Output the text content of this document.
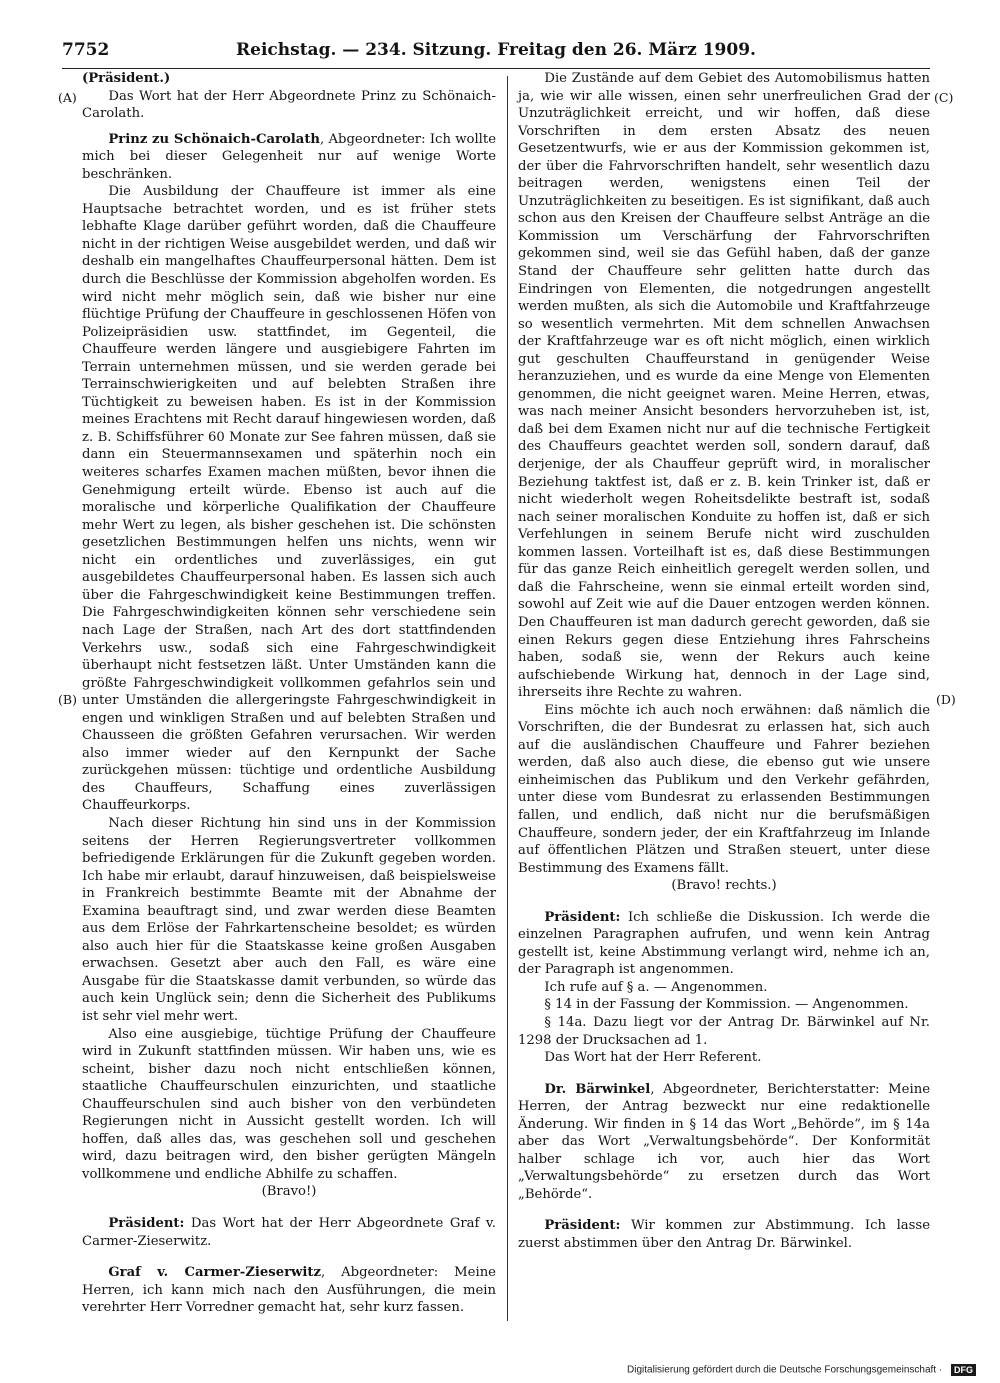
7752	Reichstag. — 234. Sitzung. Freitag den 26. März 1909.
(A)
(B)
(C)
(D)

(Präsident.)

Das Wort hat der Herr Abgeordnete Prinz zu Schönaich-Carolath.

Prinz zu Schönaich-Carolath, Abgeordneter: Ich wollte mich bei dieser Gelegenheit nur auf wenige Worte beschränken.

Die Ausbildung der Chauffeure ist immer als eine Hauptsache betrachtet worden, und es ist früher stets lebhafte Klage darüber geführt worden, daß die Chauffeure nicht in der richtigen Weise ausgebildet werden, und daß wir deshalb ein mangelhaftes Chauffeurpersonal hätten. Dem ist durch die Beschlüsse der Kommission abgeholfen worden. Es wird nicht mehr möglich sein, daß wie bisher nur eine flüchtige Prüfung der Chauffeure in geschlossenen Höfen von Polizeipräsidien usw. stattfindet, im Gegenteil, die Chauffeure werden längere und ausgiebigere Fahrten im Terrain unternehmen müssen, und sie werden gerade bei Terrainschwierigkeiten und auf belebten Straßen ihre Tüchtigkeit zu beweisen haben. Es ist in der Kommission meines Erachtens mit Recht darauf hingewiesen worden, daß z. B. Schiffsführer 60 Monate zur See fahren müssen, daß sie dann ein Steuermannsexamen und späterhin noch ein weiteres scharfes Examen machen müßten, bevor ihnen die Genehmigung erteilt würde. Ebenso ist auch auf die moralische und körperliche Qualifikation der Chauffeure mehr Wert zu legen, als bisher geschehen ist. Die schönsten gesetzlichen Bestimmungen helfen uns nichts, wenn wir nicht ein ordentliches und zuverlässiges, ein gut ausgebildetes Chauffeurpersonal haben. Es lassen sich auch über die Fahrgeschwindigkeit keine Bestimmungen treffen. Die Fahrgeschwindigkeiten können sehr verschiedene sein nach Lage der Straßen, nach Art des dort stattfindenden Verkehrs usw., sodaß sich eine Fahrgeschwindigkeit überhaupt nicht festsetzen läßt. Unter Umständen kann die größte Fahrgeschwindigkeit vollkommen gefahrlos sein und unter Umständen die allergeringste Fahrgeschwindigkeit in engen und winkligen Straßen und auf belebten Straßen und Chausseen die größten Gefahren verursachen. Wir werden also immer wieder auf den Kernpunkt der Sache zurückgehen müssen: tüchtige und ordentliche Ausbildung des Chauffeurs, Schaffung eines zuverlässigen Chauffeurkorps.

Nach dieser Richtung hin sind uns in der Kommission seitens der Herren Regierungsvertreter vollkommen befriedigende Erklärungen für die Zukunft gegeben worden. Ich habe mir erlaubt, darauf hinzuweisen, daß beispielsweise in Frankreich bestimmte Beamte mit der Abnahme der Examina beauftragt sind, und zwar werden diese Beamten aus dem Erlöse der Fahrkartenscheine besoldet; es würden also auch hier für die Staatskasse keine großen Ausgaben erwachsen. Gesetzt aber auch den Fall, es wäre eine Ausgabe für die Staatskasse damit verbunden, so würde das auch kein Unglück sein; denn die Sicherheit des Publikums ist sehr viel mehr wert.

Also eine ausgiebige, tüchtige Prüfung der Chauffeure wird in Zukunft stattfinden müssen. Wir haben uns, wie es scheint, bisher dazu noch nicht entschließen können, staatliche Chauffeurschulen einzurichten, und staatliche Chauffeurschulen sind auch bisher von den verbündeten Regierungen nicht in Aussicht gestellt worden. Ich will hoffen, daß alles das, was geschehen soll und geschehen wird, dazu beitragen wird, den bisher gerügten Mängeln vollkommene und endliche Abhilfe zu schaffen.

(Bravo!)

Präsident: Das Wort hat der Herr Abgeordnete Graf v. Carmer-Zieserwitz.

Graf v. Carmer-Zieserwitz, Abgeordneter: Meine Herren, ich kann mich nach den Ausführungen, die mein verehrter Herr Vorredner gemacht hat, sehr kurz fassen.

Die Zustände auf dem Gebiet des Automobilismus hatten ja, wie wir alle wissen, einen sehr unerfreulichen Grad der Unzuträglichkeit erreicht, und wir hoffen, daß diese Vorschriften in dem ersten Absatz des neuen Gesetzentwurfs, wie er aus der Kommission gekommen ist, der über die Fahrvorschriften handelt, sehr wesentlich dazu beitragen werden, wenigstens einen Teil der Unzuträglichkeiten zu beseitigen. Es ist signifikant, daß auch schon aus den Kreisen der Chauffeure selbst Anträge an die Kommission um Verschärfung der Fahrvorschriften gekommen sind, weil sie das Gefühl haben, daß der ganze Stand der Chauffeure sehr gelitten hatte durch das Eindringen von Elementen, die notgedrungen angestellt werden mußten, als sich die Automobile und Kraftfahrzeuge so wesentlich vermehrten. Mit dem schnellen Anwachsen der Kraftfahrzeuge war es oft nicht möglich, einen wirklich gut geschulten Chauffeurstand in genügender Weise heranzuziehen, und es wurde da eine Menge von Elementen genommen, die nicht geeignet waren. Meine Herren, etwas, was nach meiner Ansicht besonders hervorzuheben ist, ist, daß bei dem Examen nicht nur auf die technische Fertigkeit des Chauffeurs geachtet werden soll, sondern darauf, daß derjenige, der als Chauffeur geprüft wird, in moralischer Beziehung taktfest ist, daß er z. B. kein Trinker ist, daß er nicht wiederholt wegen Roheitsdelikte bestraft ist, sodaß nach seiner moralischen Konduite zu hoffen ist, daß er sich Verfehlungen in seinem Berufe nicht wird zuschulden kommen lassen. Vorteilhaft ist es, daß diese Bestimmungen für das ganze Reich einheitlich geregelt werden sollen, und daß die Fahrscheine, wenn sie einmal erteilt worden sind, sowohl auf Zeit wie auf die Dauer entzogen werden können. Den Chauffeuren ist man dadurch gerecht geworden, daß sie einen Rekurs gegen diese Entziehung ihres Fahrscheins haben, sodaß sie, wenn der Rekurs auch keine aufschiebende Wirkung hat, dennoch in der Lage sind, ihrerseits ihre Rechte zu wahren.

Eins möchte ich auch noch erwähnen: daß nämlich die Vorschriften, die der Bundesrat zu erlassen hat, sich auch auf die ausländischen Chauffeure und Fahrer beziehen werden, daß also auch diese, die ebenso gut wie unsere einheimischen das Publikum und den Verkehr gefährden, unter diese vom Bundesrat zu erlassenden Bestimmungen fallen, und endlich, daß nicht nur die berufsmäßigen Chauffeure, sondern jeder, der ein Kraftfahrzeug im Inlande auf öffentlichen Plätzen und Straßen steuert, unter diese Bestimmung des Examens fällt.

(Bravo! rechts.)

Präsident: Ich schließe die Diskussion. Ich werde die einzelnen Paragraphen aufrufen, und wenn kein Antrag gestellt ist, keine Abstimmung verlangt wird, nehme ich an, der Paragraph ist angenommen.

Ich rufe auf § a. — Angenommen.

§ 14 in der Fassung der Kommission. — Angenommen.

§ 14a. Dazu liegt vor der Antrag Dr. Bärwinkel auf Nr. 1298 der Drucksachen ad 1.

Das Wort hat der Herr Referent.

Dr. Bärwinkel, Abgeordneter, Berichterstatter: Meine Herren, der Antrag bezweckt nur eine redaktionelle Änderung. Wir finden in § 14 das Wort „Behörde“, im § 14a aber das Wort „Verwaltungsbehörde“. Der Konformität halber schlage ich vor, auch hier das Wort „Verwaltungsbehörde“ zu ersetzen durch das Wort „Behörde“.

Präsident: Wir kommen zur Abstimmung. Ich lasse zuerst abstimmen über den Antrag Dr. Bärwinkel.

Digitalisierung gefördert durch die Deutsche Forschungsgemeinschaft · DFG
